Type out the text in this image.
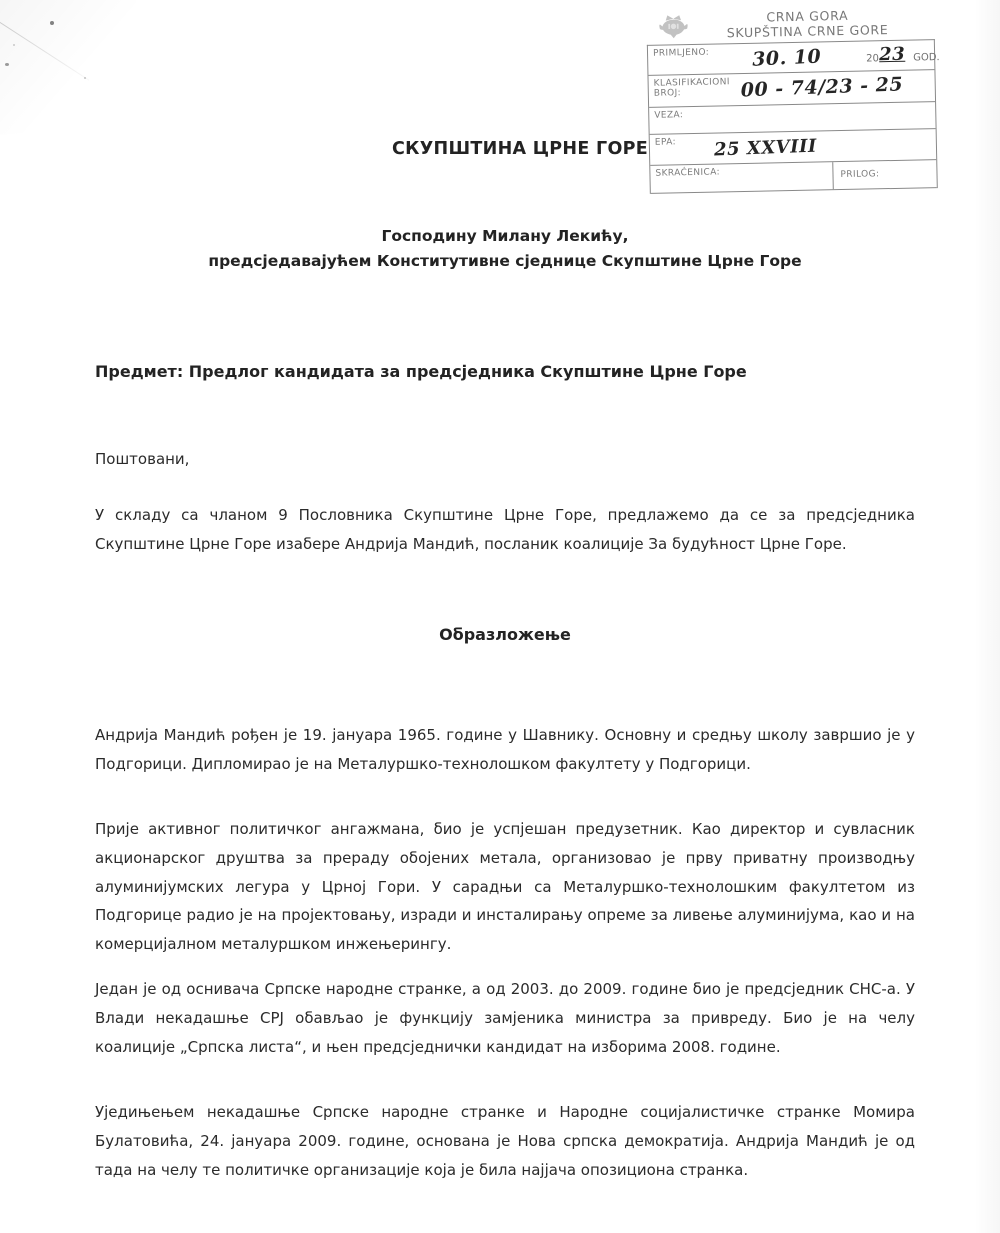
CRNA GORA
SKUPŠTINA CRNE GORE
PRIMLJENO: 30. 10	20 23 GOD.
KLASIFIKACIONI
BROJ:	00 - 74/23 - 25
VEZA:
EPA: 25 XXVIII
SKRAĆENICA:	PRILOG:
СКУПШТИНА ЦРНЕ ГОРЕ
Господину Милану Лекићу,
предсједавајућем Конститутивне сједнице Скупштине Црне Горе
Предмет: Предлог кандидата за предсједника Скупштине Црне Горе
Поштовани,

У складу са чланом 9 Пословника Скупштине Црне Горе, предлажемо да се за предсједника Скупштине Црне Горе изабере Андрија Мандић, посланик коалиције За будућност Црне Горе.

Образложење

Андрија Мандић рођен је 19. јануара 1965. године у Шавнику. Основну и средњу школу завршио је у Подгорици. Дипломирао је на Металуршко-технолошком факултету у Подгорици.

Прије активног политичког ангажмана, био је успјешан предузетник. Као директор и сувласник акционарског друштва за прераду обојених метала, организовао је прву приватну производњу алуминијумских легура у Црној Гори. У сарадњи са Металуршко-технолошким факултетом из Подгорице радио је на пројектовању, изради и инсталирању опреме за ливење алуминијума, као и на комерцијалном металуршком инжењерингу.

Један је од оснивача Српске народне странке, а од 2003. до 2009. године био је предсједник СНС-а. У Влади некадашње СРЈ обављао је функцију замјеника министра за привреду. Био је на челу коалиције „Српска листа“, и њен предсједнички кандидат на изборима 2008. године.

Уједињењем некадашње Српске народне странке и Народне социјалистичке странке Момира Булатовића, 24. јануара 2009. године, основана је Нова српска демократија. Андрија Мандић је од тада на челу те политичке организације која је била најјача опозициона странка.
